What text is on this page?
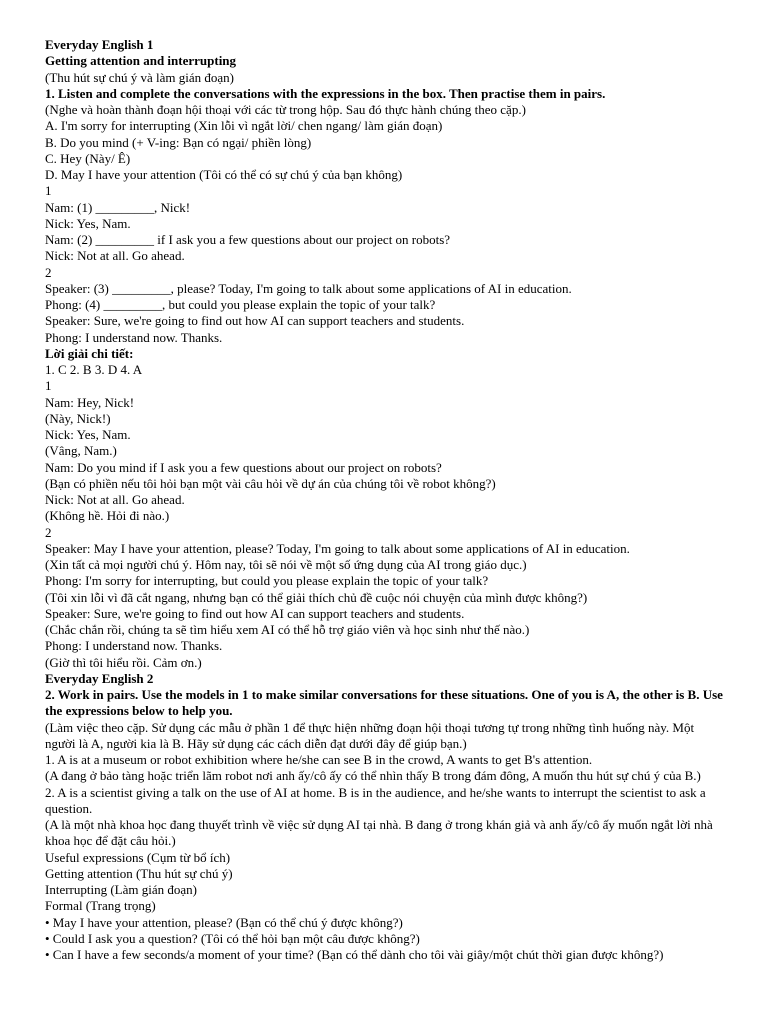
Everyday English 1
Getting attention and interrupting
(Thu hút sự chú ý và làm gián đoạn)
1. Listen and complete the conversations with the expressions in the box. Then practise them in pairs.
(Nghe và hoàn thành đoạn hội thoại với các từ trong hộp. Sau đó thực hành chúng theo cặp.)
A. I'm sorry for interrupting (Xin lỗi vì ngắt lời/ chen ngang/ làm gián đoạn)
B. Do you mind (+ V-ing: Bạn có ngại/ phiền lòng)
C. Hey (Này/ Ê)
D. May I have your attention (Tôi có thể có sự chú ý của bạn không)
1
Nam: (1) _________, Nick!
Nick: Yes, Nam.
Nam: (2) _________ if I ask you a few questions about our project on robots?
Nick: Not at all. Go ahead.
2
Speaker: (3) _________, please? Today, I'm going to talk about some applications of AI in education.
Phong: (4) _________, but could you please explain the topic of your talk?
Speaker: Sure, we're going to find out how AI can support teachers and students.
Phong: I understand now. Thanks.
Lời giải chi tiết:
1. C 2. B 3. D 4. A
1
Nam: Hey, Nick!
(Này, Nick!)
Nick: Yes, Nam.
(Vâng, Nam.)
Nam: Do you mind if I ask you a few questions about our project on robots?
(Bạn có phiền nếu tôi hỏi bạn một vài câu hỏi về dự án của chúng tôi về robot không?)
Nick: Not at all. Go ahead.
(Không hề. Hỏi đi nào.)
2
Speaker: May I have your attention, please? Today, I'm going to talk about some applications of AI in education.
(Xin tất cả mọi người chú ý. Hôm nay, tôi sẽ nói về một số ứng dụng của AI trong giáo dục.)
Phong: I'm sorry for interrupting, but could you please explain the topic of your talk?
(Tôi xin lỗi vì đã cắt ngang, nhưng bạn có thể giải thích chủ đề cuộc nói chuyện của mình được không?)
Speaker: Sure, we're going to find out how AI can support teachers and students.
(Chắc chắn rồi, chúng ta sẽ tìm hiểu xem AI có thể hỗ trợ giáo viên và học sinh như thế nào.)
Phong: I understand now. Thanks.
(Giờ thì tôi hiểu rồi. Cảm ơn.)
Everyday English 2
2. Work in pairs. Use the models in 1 to make similar conversations for these situations. One of you is A, the other is B. Use the expressions below to help you.
(Làm việc theo cặp. Sử dụng các mẫu ở phần 1 để thực hiện những đoạn hội thoại tương tự trong những tình huống này. Một người là A, người kia là B. Hãy sử dụng các cách diễn đạt dưới đây để giúp bạn.)
1. A is at a museum or robot exhibition where he/she can see B in the crowd, A wants to get B's attention.
(A đang ở bảo tàng hoặc triển lãm robot nơi anh ấy/cô ấy có thể nhìn thấy B trong đám đông, A muốn thu hút sự chú ý của B.)
2. A is a scientist giving a talk on the use of AI at home. B is in the audience, and he/she wants to interrupt the scientist to ask a question.
(A là một nhà khoa học đang thuyết trình về việc sử dụng AI tại nhà. B đang ở trong khán giả và anh ấy/cô ấy muốn ngắt lời nhà khoa học để đặt câu hỏi.)
Useful expressions (Cụm từ bổ ích)
Getting attention (Thu hút sự chú ý)
Interrupting (Làm gián đoạn)
Formal (Trang trọng)
• May I have your attention, please? (Bạn có thể chú ý được không?)
• Could I ask you a question? (Tôi có thể hỏi bạn một câu được không?)
• Can I have a few seconds/a moment of your time? (Bạn có thể dành cho tôi vài giây/một chút thời gian được không?)
